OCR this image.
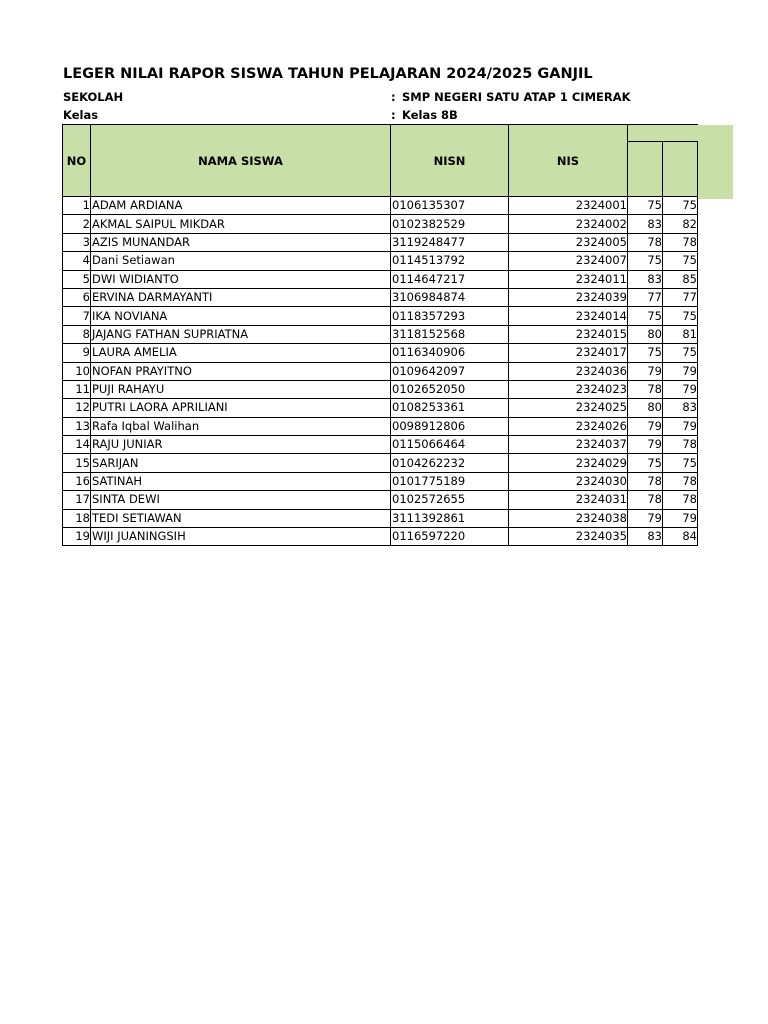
LEGER NILAI RAPOR SISWA TAHUN PELAJARAN 2024/2025 GANJIL
SEKOLAH	: SMP NEGERI SATU ATAP 1 CIMERAK
Kelas	: Kelas 8B
NO	NAMA SISWA	NISN	NIS		

1	ADAM ARDIANA	0106135307	2324001	75	75
2	AKMAL SAIPUL MIKDAR	0102382529	2324002	83	82
3	AZIS MUNANDAR	3119248477	2324005	78	78
4	Dani Setiawan	0114513792	2324007	75	75
5	DWI WIDIANTO	0114647217	2324011	83	85
6	ERVINA DARMAYANTI	3106984874	2324039	77	77
7	IKA NOVIANA	0118357293	2324014	75	75
8	JAJANG FATHAN SUPRIATNA	3118152568	2324015	80	81
9	LAURA AMELIA	0116340906	2324017	75	75
10	NOFAN PRAYITNO	0109642097	2324036	79	79
11	PUJI RAHAYU	0102652050	2324023	78	79
12	PUTRI LAORA APRILIANI	0108253361	2324025	80	83
13	Rafa Iqbal Walihan	0098912806	2324026	79	79
14	RAJU JUNIAR	0115066464	2324037	79	78
15	SARIJAN	0104262232	2324029	75	75
16	SATINAH	0101775189	2324030	78	78
17	SINTA DEWI	0102572655	2324031	78	78
18	TEDI SETIAWAN	3111392861	2324038	79	79
19	WIJI JUANINGSIH	0116597220	2324035	83	84
